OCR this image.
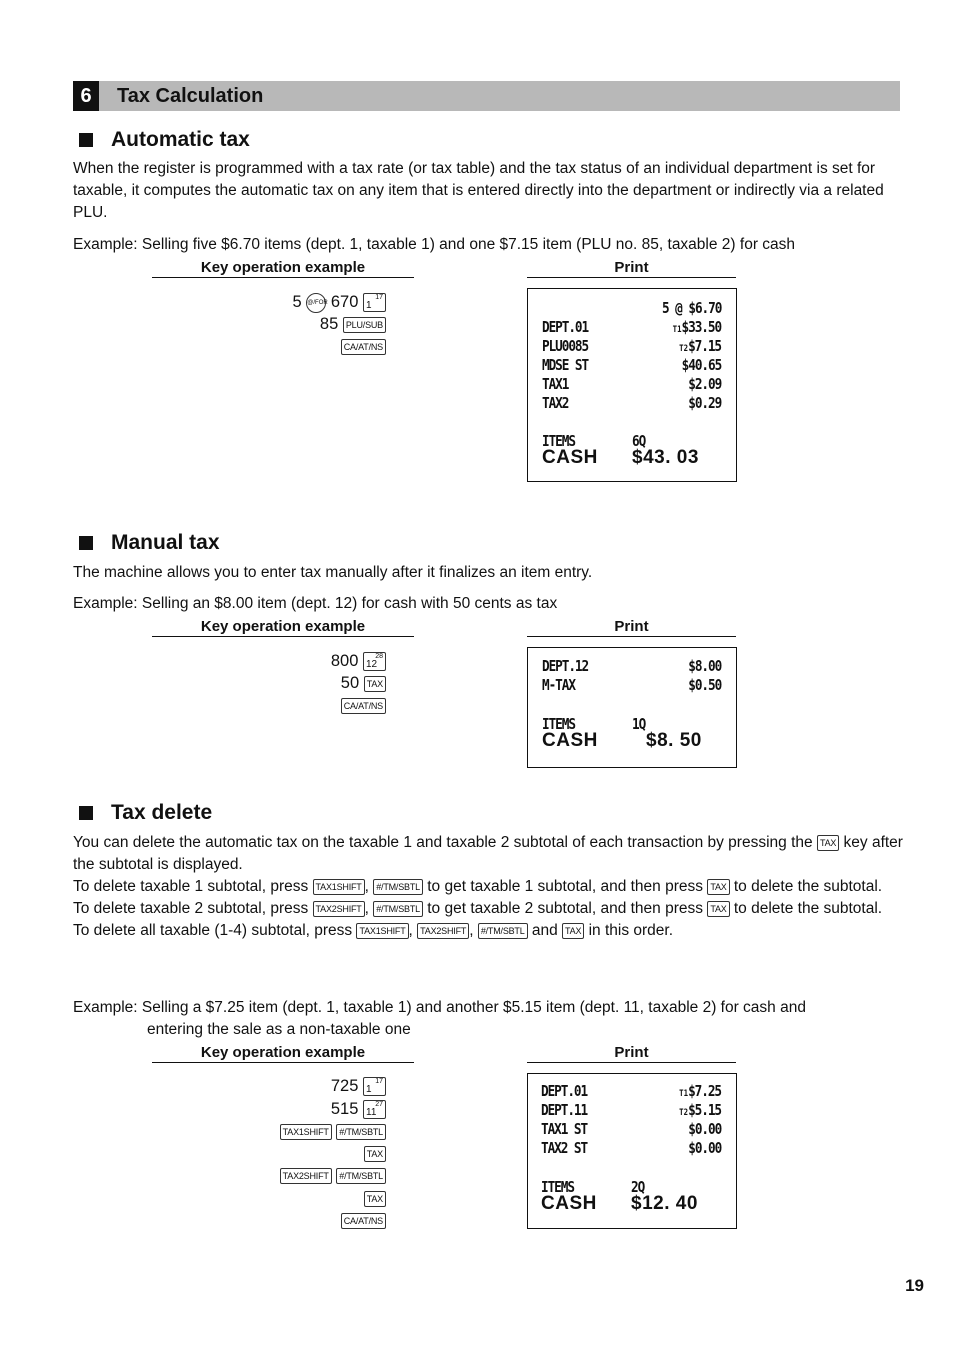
6	Tax Calculation
Automatic tax
When the register is programmed with a tax rate (or tax table) and the tax status of an individual department is set for taxable, it computes the automatic tax on any item that is entered directly into the department or indirectly via a related PLU.
Example: Selling five $6.70 items (dept. 1, taxable 1) and one $7.15 item (PLU no. 85, taxable 2) for cash
Key operation example	Print
5 @/FOR 670 1
17
85 PLU/SUB
CA/AT/NS
5 @ $6.70
DEPT.01	T1$33.50
PLU0085	T2$7.15
MDSE ST	$40.65
TAX1	$2.09
TAX2	$0.29
ITEMS	6Q
CASH $43. 03
Manual tax
The machine allows you to enter tax manually after it finalizes an item entry.
Example: Selling an $8.00 item (dept. 12) for cash with 50 cents as tax
Key operation example	Print
800 12
28
50 TAX
CA/AT/NS
DEPT.12	$8.00
M-TAX	$0.50
ITEMS	1Q
CASH	$8. 50
Tax delete
You can delete the automatic tax on the taxable 1 and taxable 2 subtotal of each transaction by pressing the TAX key after the subtotal is displayed.
To delete taxable 1 subtotal, press TAX1SHIFT , #/TM/SBTL to get taxable 1 subtotal, and then press TAX to delete the subtotal.
To delete taxable 2 subtotal, press TAX2SHIFT , #/TM/SBTL to get taxable 2 subtotal, and then press TAX to delete the subtotal.
To delete all taxable (1-4) subtotal, press TAX1SHIFT , TAX2SHIFT , #/TM/SBTL and TAX in this order.
Example: Selling a $7.25 item (dept. 1, taxable 1) and another $5.15 item (dept. 11, taxable 2) for cash and
entering the sale as a non-taxable one
Key operation example	Print
725 1
17
515 11
27
TAX1SHIFT #/TM/SBTL
TAX
TAX2SHIFT #/TM/SBTL
TAX
CA/AT/NS
DEPT.01	T1$7.25
DEPT.11	T2$5.15
TAX1 ST	$0.00
TAX2 ST	$0.00
ITEMS	2Q
CASH $12. 40
19
